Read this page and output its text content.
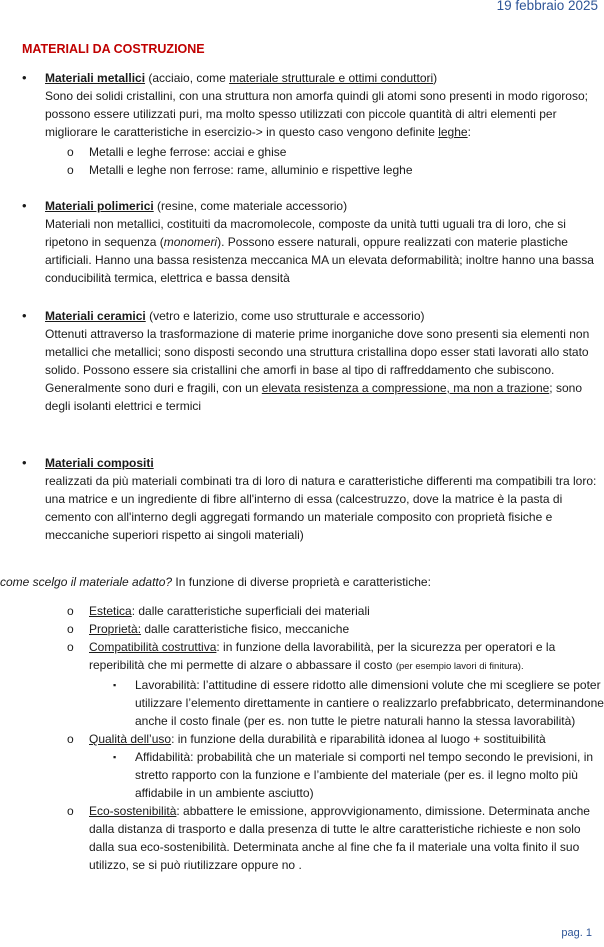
19 febbraio 2025
MATERIALI DA COSTRUZIONE
•	Materiali metallici (acciaio, come materiale strutturale e ottimi conduttori)
Sono dei solidi cristallini, con una struttura non amorfa quindi gli atomi sono presenti in modo rigoroso; possono essere utilizzati puri, ma molto spesso utilizzati con piccole quantità di altri elementi per migliorare le caratteristiche in esercizio-> in questo caso vengono definite leghe:
o Metalli e leghe ferrose: acciai e ghise
o Metalli e leghe non ferrose: rame, alluminio e rispettive leghe
•	Materiali polimerici (resine, come materiale accessorio)
Materiali non metallici, costituiti da macromolecole, composte da unità tutti uguali tra di loro, che si ripetono in sequenza (monomeri). Possono essere naturali, oppure realizzati con materie plastiche artificiali. Hanno una bassa resistenza meccanica MA un elevata deformabilità; inoltre hanno una bassa conducibilità termica, elettrica e bassa densità
•	Materiali ceramici (vetro e laterizio, come uso strutturale e accessorio)
Ottenuti attraverso la trasformazione di materie prime inorganiche dove sono presenti sia elementi non metallici che metallici; sono disposti secondo una struttura cristallina dopo esser stati lavorati allo stato solido. Possono essere sia cristallini che amorfi in base al tipo di raffreddamento che subiscono.
Generalmente sono duri e fragili, con un elevata resistenza a compressione, ma non a trazione; sono degli isolanti elettrici e termici
•	Materiali compositi
realizzati da più materiali combinati tra di loro di natura e caratteristiche differenti ma compatibili tra loro: una matrice e un ingrediente di fibre all'interno di essa (calcestruzzo, dove la matrice è la pasta di cemento con all'interno degli aggregati formando un materiale composito con proprietà fisiche e meccaniche superiori rispetto ai singoli materiali)
come scelgo il materiale adatto? In funzione di diverse proprietà e caratteristiche:
o Estetica: dalle caratteristiche superficiali dei materiali
o Proprietà: dalle caratteristiche fisico, meccaniche
o Compatibilità costruttiva: in funzione della lavorabilità, per la sicurezza per operatori e la reperibilità che mi permette di alzare o abbassare il costo (per esempio lavori di finitura).
▪ Lavorabilità: l’attitudine di essere ridotto alle dimensioni volute che mi scegliere se poter utilizzare l’elemento direttamente in cantiere o realizzarlo prefabbricato, determinandone anche il costo finale (per es. non tutte le pietre naturali hanno la stessa lavorabilità)
o Qualità dell’uso: in funzione della durabilità e riparabilità idonea al luogo + sostituibilità
▪ Affidabilità: probabilità che un materiale si comporti nel tempo secondo le previsioni, in stretto rapporto con la funzione e l’ambiente del materiale (per es. il legno molto più affidabile in un ambiente asciutto)
o Eco-sostenibilità: abbattere le emissione, approvvigionamento, dimissione. Determinata anche dalla distanza di trasporto e dalla presenza di tutte le altre caratteristiche richieste e non solo dalla sua eco-sostenibilità. Determinata anche al fine che fa il materiale una volta finito il suo utilizzo, se si può riutilizzare oppure no .
pag. 1
